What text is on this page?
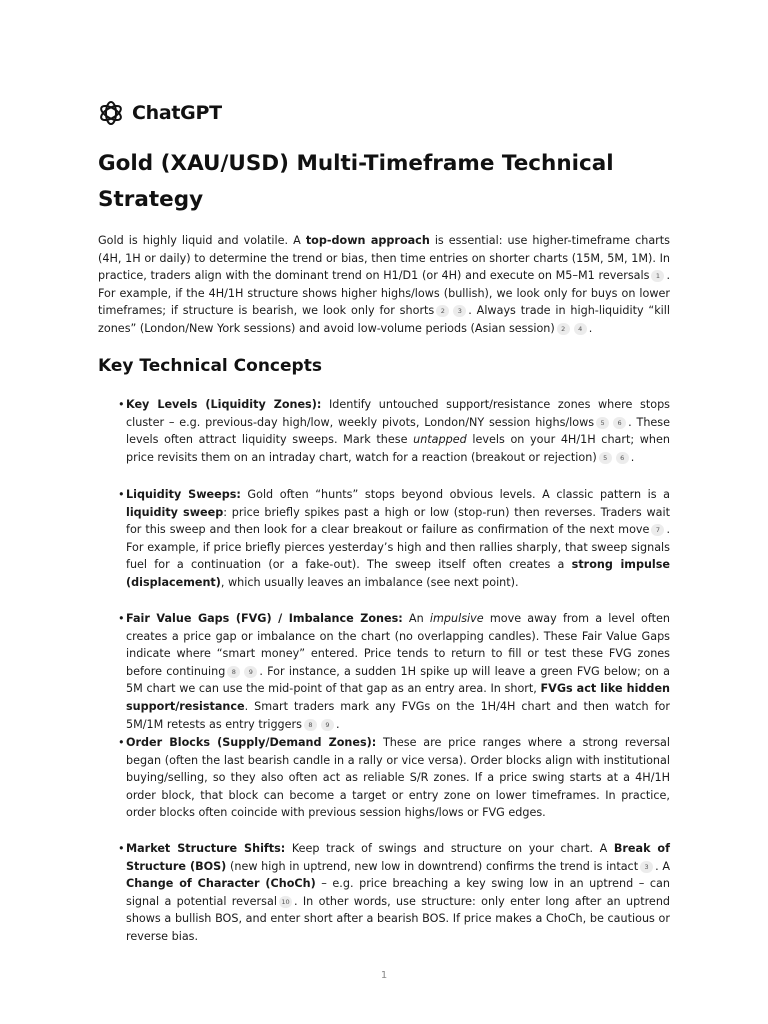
ChatGPT
Gold (XAU/USD) Multi-Timeframe Technical Strategy

Gold is highly liquid and volatile. A top-down approach is essential: use higher-timeframe charts (4H, 1H or daily) to determine the trend or bias, then time entries on shorter charts (15M, 5M, 1M). In practice, traders align with the dominant trend on H1/D1 (or 4H) and execute on M5–M1 reversals 1 . For example, if the 4H/1H structure shows higher highs/lows (bullish), we look only for buys on lower timeframes; if structure is bearish, we look only for shorts 2 3 . Always trade in high-liquidity “kill zones” (London/New York sessions) and avoid low-volume periods (Asian session) 2 4 .

Key Technical Concepts
• Key Levels (Liquidity Zones): Identify untouched support/resistance zones where stops cluster – e.g. previous-day high/low, weekly pivots, London/NY session highs/lows 5 6 . These levels often attract liquidity sweeps. Mark these untapped levels on your 4H/1H chart; when price revisits them on an intraday chart, watch for a reaction (breakout or rejection) 5 6 .

• Liquidity Sweeps: Gold often “hunts” stops beyond obvious levels. A classic pattern is a liquidity sweep: price briefly spikes past a high or low (stop-run) then reverses. Traders wait for this sweep and then look for a clear breakout or failure as confirmation of the next move 7 . For example, if price briefly pierces yesterday’s high and then rallies sharply, that sweep signals fuel for a continuation (or a fake-out). The sweep itself often creates a strong impulse (displacement), which usually leaves an imbalance (see next point).

• Fair Value Gaps (FVG) / Imbalance Zones: An impulsive move away from a level often creates a price gap or imbalance on the chart (no overlapping candles). These Fair Value Gaps indicate where “smart money” entered. Price tends to return to fill or test these FVG zones before continuing 8 9 . For instance, a sudden 1H spike up will leave a green FVG below; on a 5M chart we can use the mid-point of that gap as an entry area. In short, FVGs act like hidden support/resistance. Smart traders mark any FVGs on the 1H/4H chart and then watch for 5M/1M retests as entry triggers 8 9 .

• Order Blocks (Supply/Demand Zones): These are price ranges where a strong reversal began (often the last bearish candle in a rally or vice versa). Order blocks align with institutional buying/selling, so they also often act as reliable S/R zones. If a price swing starts at a 4H/1H order block, that block can become a target or entry zone on lower timeframes. In practice, order blocks often coincide with previous session highs/lows or FVG edges.

• Market Structure Shifts: Keep track of swings and structure on your chart. A Break of Structure (BOS) (new high in uptrend, new low in downtrend) confirms the trend is intact 3 . A Change of Character (ChoCh) – e.g. price breaching a key swing low in an uptrend – can signal a potential reversal 10 . In other words, use structure: only enter long after an uptrend shows a bullish BOS, and enter short after a bearish BOS. If price makes a ChoCh, be cautious or reverse bias.

1
